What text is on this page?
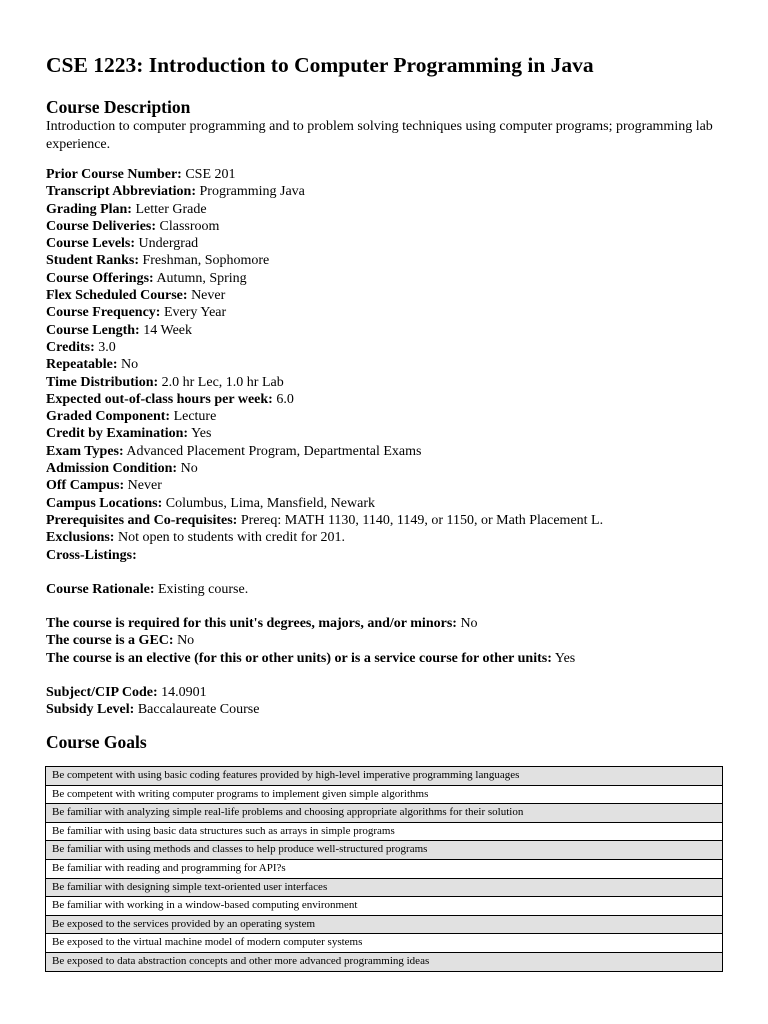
CSE 1223: Introduction to Computer Programming in Java
Course Description
Introduction to computer programming and to problem solving techniques using computer programs; programming lab experience.
Prior Course Number: CSE 201
Transcript Abbreviation: Programming Java
Grading Plan: Letter Grade
Course Deliveries: Classroom
Course Levels: Undergrad
Student Ranks: Freshman, Sophomore
Course Offerings: Autumn, Spring
Flex Scheduled Course: Never
Course Frequency: Every Year
Course Length: 14 Week
Credits: 3.0
Repeatable: No
Time Distribution: 2.0 hr Lec, 1.0 hr Lab
Expected out-of-class hours per week: 6.0
Graded Component: Lecture
Credit by Examination: Yes
Exam Types: Advanced Placement Program, Departmental Exams
Admission Condition: No
Off Campus: Never
Campus Locations: Columbus, Lima, Mansfield, Newark
Prerequisites and Co-requisites: Prereq: MATH 1130, 1140, 1149, or 1150, or Math Placement L.
Exclusions: Not open to students with credit for 201.
Cross-Listings:
Course Rationale: Existing course.
The course is required for this unit's degrees, majors, and/or minors: No
The course is a GEC: No
The course is an elective (for this or other units) or is a service course for other units: Yes
Subject/CIP Code: 14.0901
Subsidy Level: Baccalaureate Course
Course Goals
Be competent with using basic coding features provided by high-level imperative programming languages
Be competent with writing computer programs to implement given simple algorithms
Be familiar with analyzing simple real-life problems and choosing appropriate algorithms for their solution
Be familiar with using basic data structures such as arrays in simple programs
Be familiar with using methods and classes to help produce well-structured programs
Be familiar with reading and programming for API?s
Be familiar with designing simple text-oriented user interfaces
Be familiar with working in a window-based computing environment
Be exposed to the services provided by an operating system
Be exposed to the virtual machine model of modern computer systems
Be exposed to data abstraction concepts and other more advanced programming ideas
